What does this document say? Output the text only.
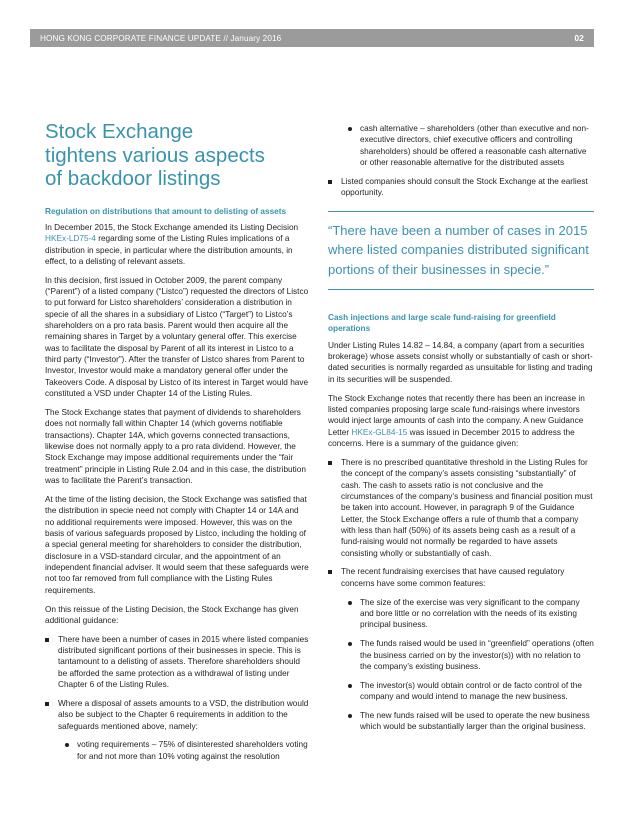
HONG KONG CORPORATE FINANCE UPDATE // January 2016	02
Stock Exchange
tightens various aspects
of backdoor listings
Regulation on distributions that amount to delisting of assets

In December 2015, the Stock Exchange amended its Listing Decision HKEx-LD75-4 regarding some of the Listing Rules implications of a distribution in specie, in particular where the distribution amounts, in effect, to a delisting of relevant assets.

In this decision, first issued in October 2009, the parent company (“Parent”) of a listed company (“Listco”) requested the directors of Listco to put forward for Listco shareholders’ consideration a distribution in specie of all the shares in a subsidiary of Listco (“Target”) to Listco’s shareholders on a pro rata basis. Parent would then acquire all the remaining shares in Target by a voluntary general offer. This exercise was to facilitate the disposal by Parent of all its interest in Listco to a third party (“Investor”). After the transfer of Listco shares from Parent to Investor, Investor would make a mandatory general offer under the Takeovers Code. A disposal by Listco of its interest in Target would have constituted a VSD under Chapter 14 of the Listing Rules.

The Stock Exchange states that payment of dividends to shareholders does not normally fall within Chapter 14 (which governs notifiable transactions). Chapter 14A, which governs connected transactions, likewise does not normally apply to a pro rata dividend. However, the Stock Exchange may impose additional requirements under the “fair treatment” principle in Listing Rule 2.04 and in this case, the distribution was to facilitate the Parent’s transaction.

At the time of the listing decision, the Stock Exchange was satisfied that the distribution in specie need not comply with Chapter 14 or 14A and no additional requirements were imposed. However, this was on the basis of various safeguards proposed by Listco, including the holding of a special general meeting for shareholders to consider the distribution, disclosure in a VSD-standard circular, and the appointment of an independent financial adviser. It would seem that these safeguards were not too far removed from full compliance with the Listing Rules requirements.

On this reissue of the Listing Decision, the Stock Exchange has given additional guidance:

There have been a number of cases in 2015 where listed companies distributed significant portions of their businesses in specie. This is tantamount to a delisting of assets. Therefore shareholders should be afforded the same protection as a withdrawal of listing under Chapter 6 of the Listing Rules.
Where a disposal of assets amounts to a VSD, the distribution would also be subject to the Chapter 6 requirements in addition to the safeguards mentioned above, namely:
voting requirements – 75% of disinterested shareholders voting for and not more than 10% voting against the resolution
cash alternative – shareholders (other than executive and non-executive directors, chief executive officers and controlling shareholders) should be offered a reasonable cash alternative or other reasonable alternative for the distributed assets
Listed companies should consult the Stock Exchange at the earliest opportunity.
“There have been a number of cases in 2015 where listed companies distributed significant portions of their businesses in specie.”
Cash injections and large scale fund-raising for greenfield operations

Under Listing Rules 14.82 – 14.84, a company (apart from a securities brokerage) whose assets consist wholly or substantially of cash or short-dated securities is normally regarded as unsuitable for listing and trading in its securities will be suspended.

The Stock Exchange notes that recently there has been an increase in listed companies proposing large scale fund-raisings where investors would inject large amounts of cash into the company. A new Guidance Letter HKEx-GL84-15 was issued in December 2015 to address the concerns. Here is a summary of the guidance given:

There is no prescribed quantitative threshold in the Listing Rules for the concept of the company’s assets consisting “substantially” of cash. The cash to assets ratio is not conclusive and the circumstances of the company’s business and financial position must be taken into account. However, in paragraph 9 of the Guidance Letter, the Stock Exchange offers a rule of thumb that a company with less than half (50%) of its assets being cash as a result of a fund-raising would not normally be regarded to have assets consisting wholly or substantially of cash.
The recent fundraising exercises that have caused regulatory concerns have some common features:
The size of the exercise was very significant to the company and bore little or no correlation with the needs of its existing principal business.
The funds raised would be used in “greenfield” operations (often the business carried on by the investor(s)) with no relation to the company’s existing business.
The investor(s) would obtain control or de facto control of the company and would intend to manage the new business.
The new funds raised will be used to operate the new business which would be substantially larger than the original business.
